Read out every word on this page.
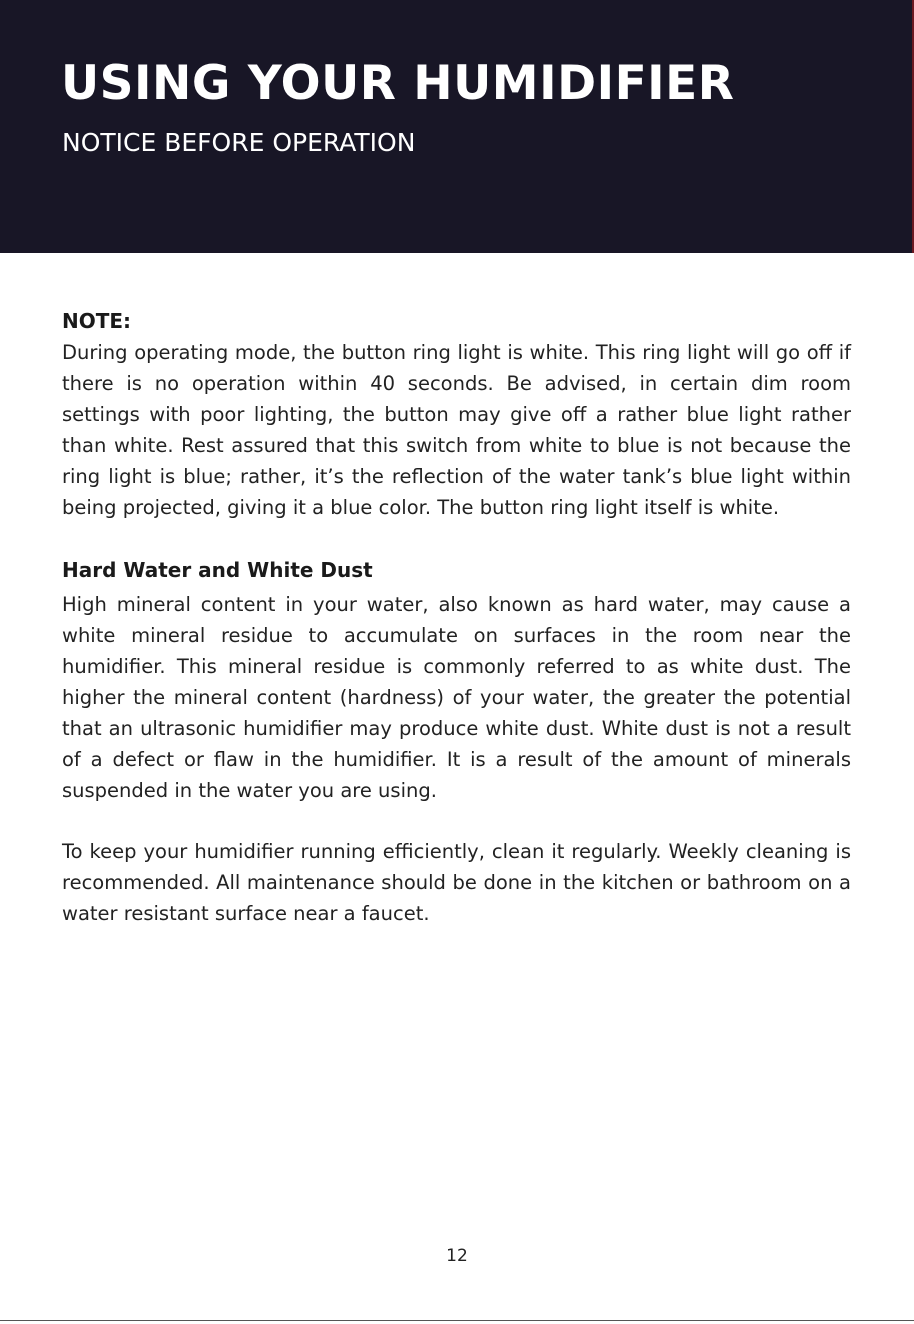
USING YOUR HUMIDIFIER
NOTICE BEFORE OPERATION
NOTE:

During operating mode, the button ring light is white. This ring light will go off if there is no operation within 40 seconds. Be advised, in certain dim room settings with poor lighting, the button may give off a rather blue light rather than white. Rest assured that this switch from white to blue is not because the ring light is blue; rather, it’s the reflection of the water tank’s blue light within being projected, giving it a blue color. The button ring light itself is white.

Hard Water and White Dust

High mineral content in your water, also known as hard water, may cause a white mineral residue to accumulate on surfaces in the room near the humidifier. This mineral residue is commonly referred to as white dust. The higher the mineral content (hardness) of your water, the greater the potential that an ultrasonic humidifier may produce white dust. White dust is not a result of a defect or flaw in the humidifier. It is a result of the amount of minerals suspended in the water you are using.

To keep your humidifier running efficiently, clean it regularly. Weekly cleaning is recommended. All maintenance should be done in the kitchen or bathroom on a water resistant surface near a faucet.

12
